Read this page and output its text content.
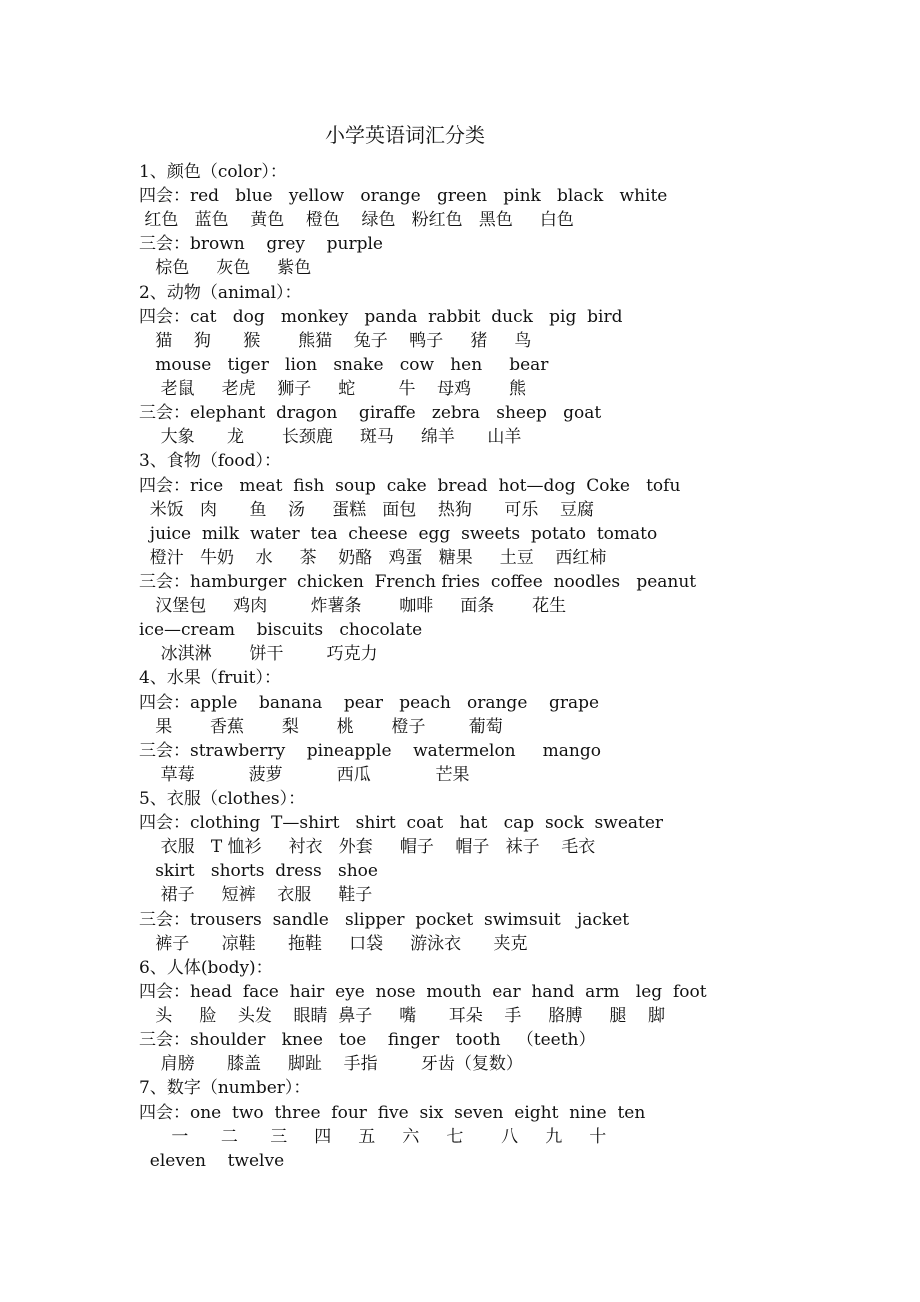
小学英语词汇分类
1、颜色（color）：
四会：red   blue   yellow   orange   green   pink   black   white
红色   蓝色    黄色    橙色    绿色   粉红色   黑色     白色
三会：brown    grey    purple
棕色     灰色     紫色
2、动物（animal）：
四会：cat   dog   monkey   panda  rabbit  duck   pig  bird
猫    狗      猴       熊猫    兔子    鸭子     猪     鸟
mouse   tiger   lion   snake   cow   hen     bear
老鼠     老虎    狮子     蛇        牛    母鸡       熊
三会：elephant  dragon    giraffe   zebra   sheep   goat
大象      龙       长颈鹿     斑马     绵羊      山羊
3、食物（food）：
四会：rice   meat  fish  soup  cake  bread  hot—dog  Coke   tofu
米饭   肉      鱼    汤     蛋糕   面包    热狗      可乐    豆腐
juice  milk  water  tea  cheese  egg  sweets  potato  tomato
橙汁   牛奶    水     茶    奶酪   鸡蛋   糖果     土豆    西红柿
三会：hamburger  chicken  French fries  coffee  noodles   peanut
汉堡包     鸡肉        炸薯条       咖啡     面条       花生
ice—cream    biscuits   chocolate
冰淇淋       饼干        巧克力
4、水果（fruit）：
四会：apple    banana    pear   peach   orange    grape
果       香蕉       梨       桃       橙子        葡萄
三会：strawberry    pineapple    watermelon     mango
草莓          菠萝          西瓜            芒果
5、衣服（clothes）：
四会：clothing  T—shirt   shirt  coat   hat   cap  sock  sweater
衣服   T 恤衫     衬衣   外套     帽子    帽子   袜子    毛衣
skirt   shorts  dress   shoe
裙子     短裤    衣服     鞋子
三会：trousers  sandle   slipper  pocket  swimsuit   jacket
裤子      凉鞋      拖鞋     口袋     游泳衣      夹克
6、人体(body)：
四会：head  face  hair  eye  nose  mouth  ear  hand  arm   leg  foot
头     脸    头发    眼睛  鼻子     嘴      耳朵    手     胳膊     腿    脚
三会：shoulder   knee   toe    finger   tooth   （teeth）
肩膀      膝盖     脚趾    手指        牙齿（复数）
7、数字（number）：
四会：one  two  three  four  five  six  seven  eight  nine  ten
一      二      三     四     五     六     七       八     九     十
eleven    twelve
